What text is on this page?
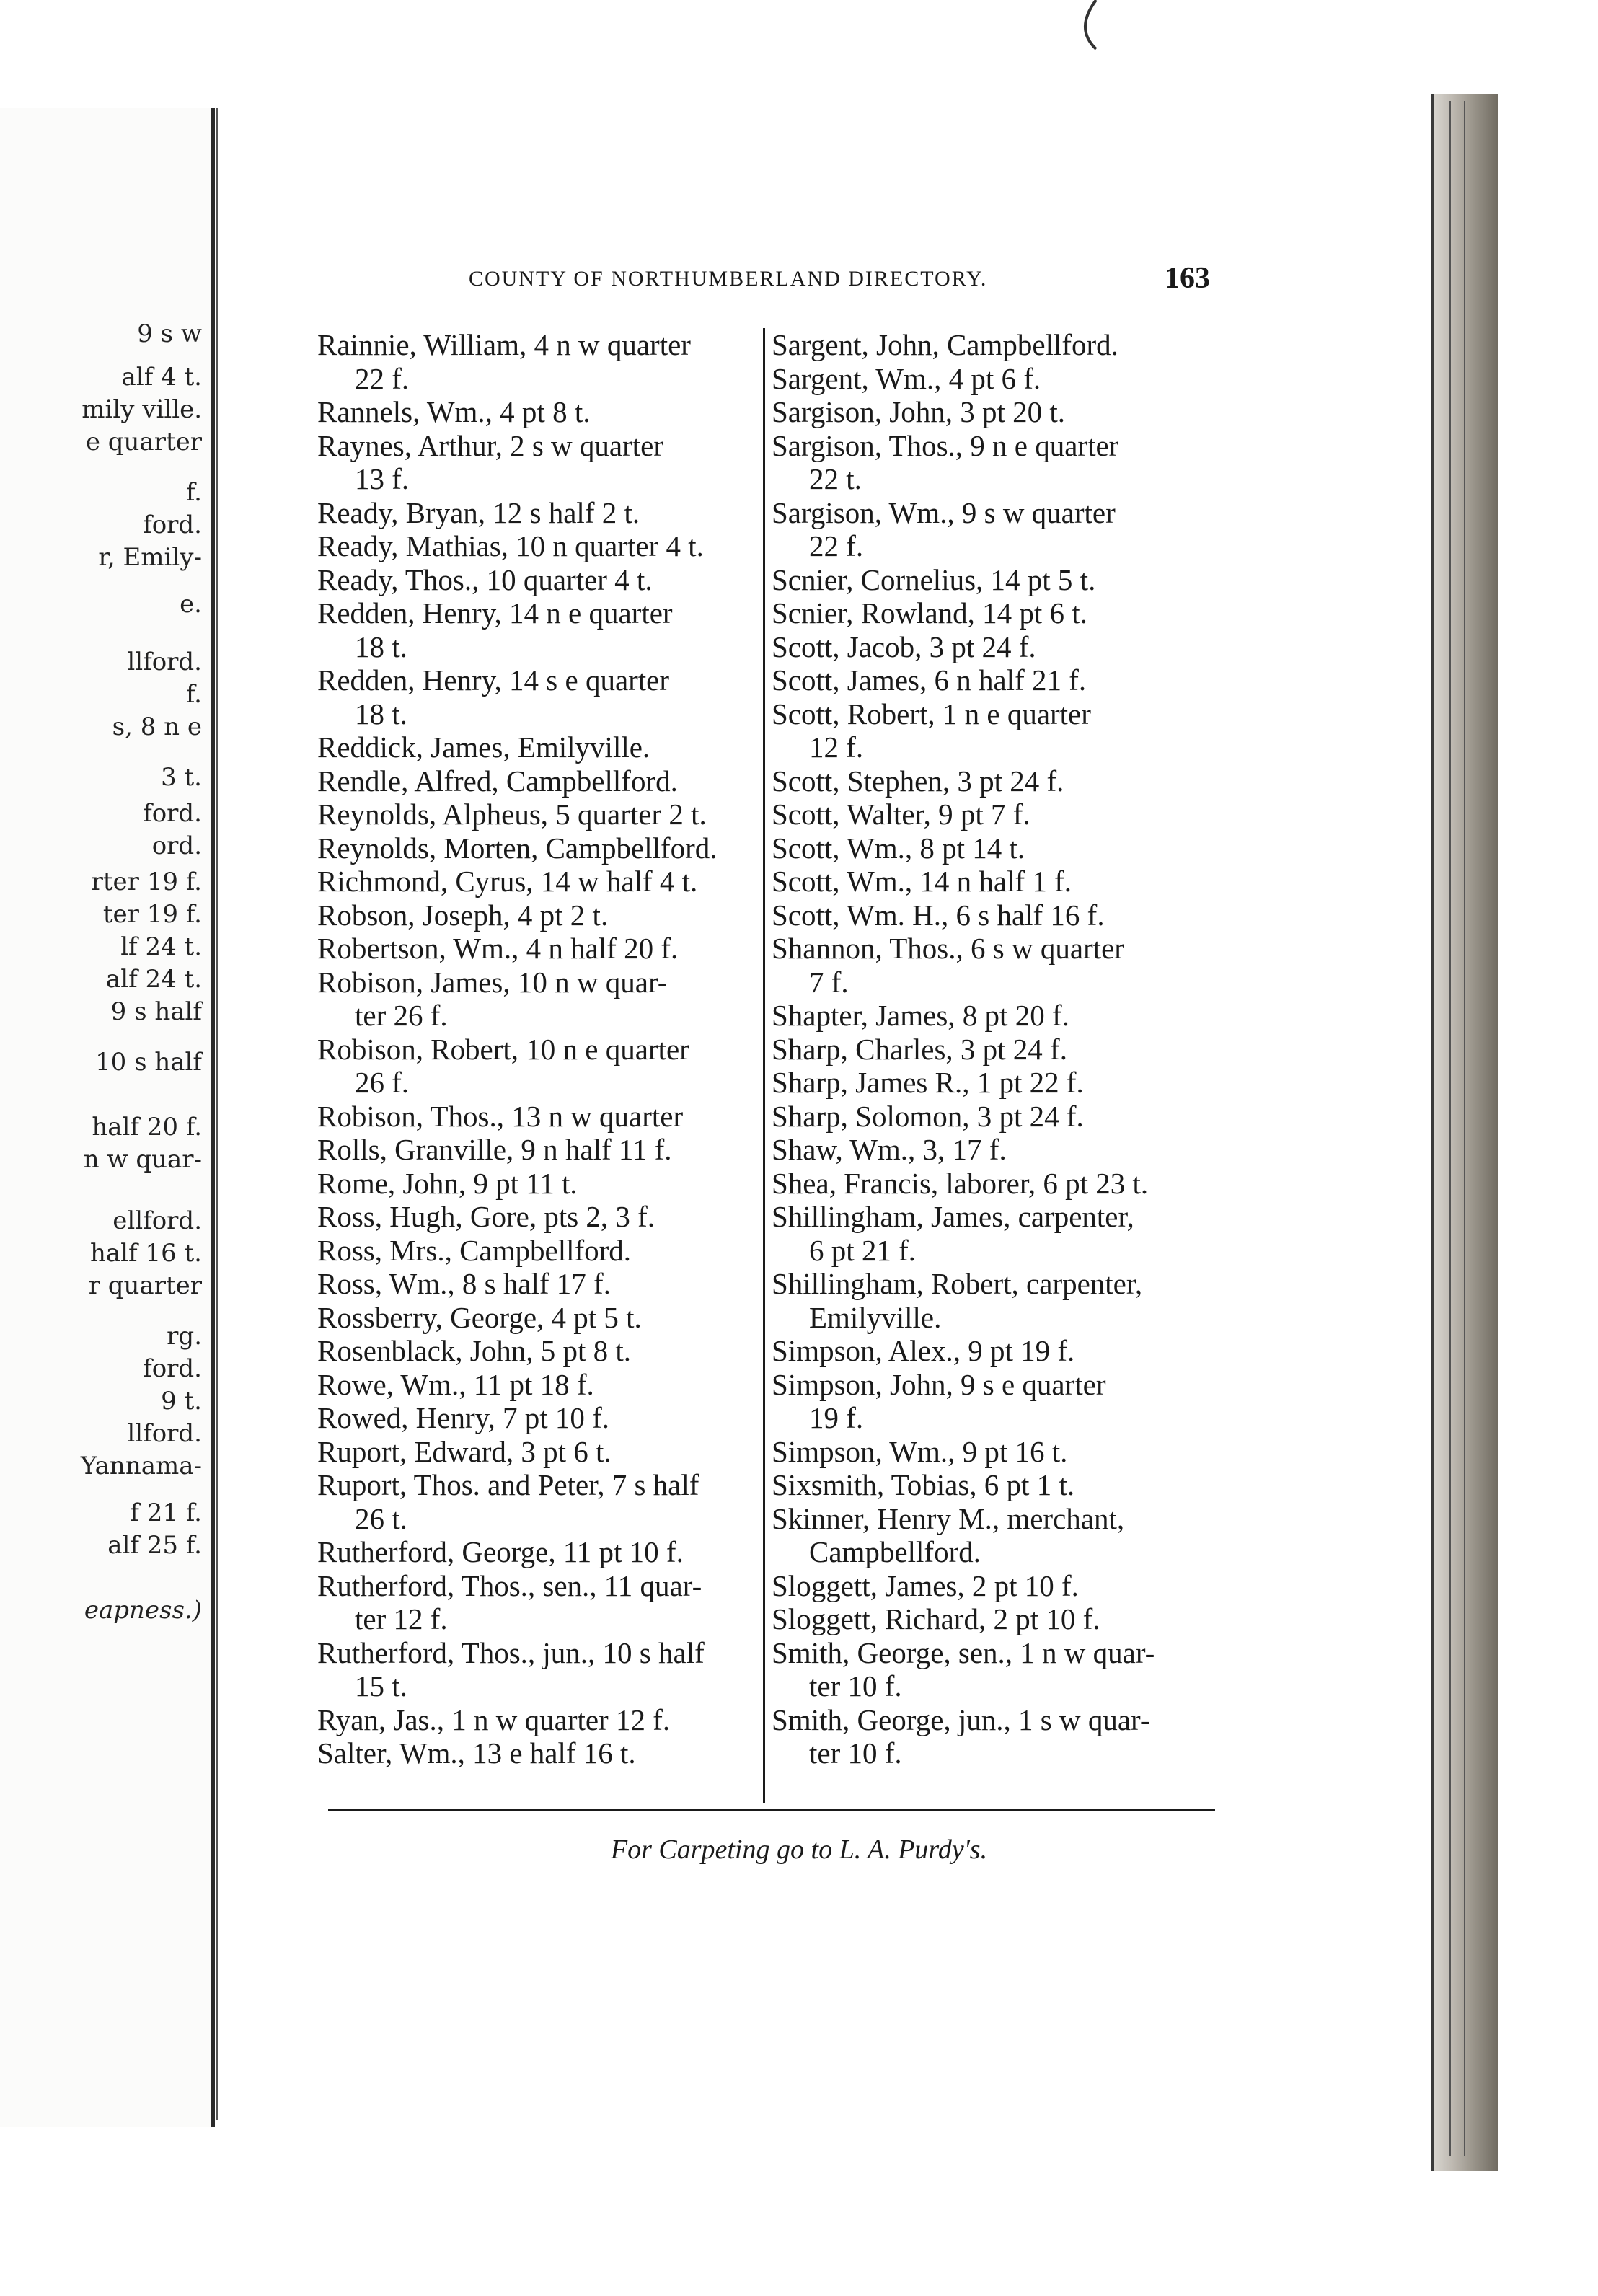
9 s w
alf 4 t.
mily ville.
e quarter
f.
ford.
r, Emily-
e.
llford.
f.
s, 8 n e
3 t.
ford.
ord.
rter 19 f.
ter 19 f.
lf 24 t.
alf 24 t.
9 s half
10 s half
half 20 f.
n w quar-
ellford.
half 16 t.
r quarter
rg.
ford.
9 t.
llford.
Yannama-
f 21 f.
alf 25 f.
eapness.)
COUNTY OF NORTHUMBERLAND DIRECTORY.	163
Rainnie, William, 4 n w quarter
22 f.
Rannels, Wm., 4 pt 8 t.
Raynes, Arthur, 2 s w quarter
13 f.
Ready, Bryan, 12 s half 2 t.
Ready, Mathias, 10 n quarter 4 t.
Ready, Thos., 10 quarter 4 t.
Redden, Henry, 14 n e quarter
18 t.
Redden, Henry, 14 s e quarter
18 t.
Reddick, James, Emilyville.
Rendle, Alfred, Campbellford.
Reynolds, Alpheus, 5 quarter 2 t.
Reynolds, Morten, Campbellford.
Richmond, Cyrus, 14 w half 4 t.
Robson, Joseph, 4 pt 2 t.
Robertson, Wm., 4 n half 20 f.
Robison, James, 10 n w quar-
ter 26 f.
Robison, Robert, 10 n e quarter
26 f.
Robison, Thos., 13 n w quarter
Rolls, Granville, 9 n half 11 f.
Rome, John, 9 pt 11 t.
Ross, Hugh, Gore, pts 2, 3 f.
Ross, Mrs., Campbellford.
Ross, Wm., 8 s half 17 f.
Rossberry, George, 4 pt 5 t.
Rosenblack, John, 5 pt 8 t.
Rowe, Wm., 11 pt 18 f.
Rowed, Henry, 7 pt 10 f.
Ruport, Edward, 3 pt 6 t.
Ruport, Thos. and Peter, 7 s half
26 t.
Rutherford, George, 11 pt 10 f.
Rutherford, Thos., sen., 11 quar-
ter 12 f.
Rutherford, Thos., jun., 10 s half
15 t.
Ryan, Jas., 1 n w quarter 12 f.
Salter, Wm., 13 e half 16 t.
Sargent, John, Campbellford.
Sargent, Wm., 4 pt 6 f.
Sargison, John, 3 pt 20 t.
Sargison, Thos., 9 n e quarter
22 t.
Sargison, Wm., 9 s w quarter
22 f.
Scnier, Cornelius, 14 pt 5 t.
Scnier, Rowland, 14 pt 6 t.
Scott, Jacob, 3 pt 24 f.
Scott, James, 6 n half 21 f.
Scott, Robert, 1 n e quarter
12 f.
Scott, Stephen, 3 pt 24 f.
Scott, Walter, 9 pt 7 f.
Scott, Wm., 8 pt 14 t.
Scott, Wm., 14 n half 1 f.
Scott, Wm. H., 6 s half 16 f.
Shannon, Thos., 6 s w quarter
7 f.
Shapter, James, 8 pt 20 f.
Sharp, Charles, 3 pt 24 f.
Sharp, James R., 1 pt 22 f.
Sharp, Solomon, 3 pt 24 f.
Shaw, Wm., 3, 17 f.
Shea, Francis, laborer, 6 pt 23 t.
Shillingham, James, carpenter,
6 pt 21 f.
Shillingham, Robert, carpenter,
Emilyville.
Simpson, Alex., 9 pt 19 f.
Simpson, John, 9 s e quarter
19 f.
Simpson, Wm., 9 pt 16 t.
Sixsmith, Tobias, 6 pt 1 t.
Skinner, Henry M., merchant,
Campbellford.
Sloggett, James, 2 pt 10 f.
Sloggett, Richard, 2 pt 10 f.
Smith, George, sen., 1 n w quar-
ter 10 f.
Smith, George, jun., 1 s w quar-
ter 10 f.
For Carpeting go to L. A. Purdy's.
